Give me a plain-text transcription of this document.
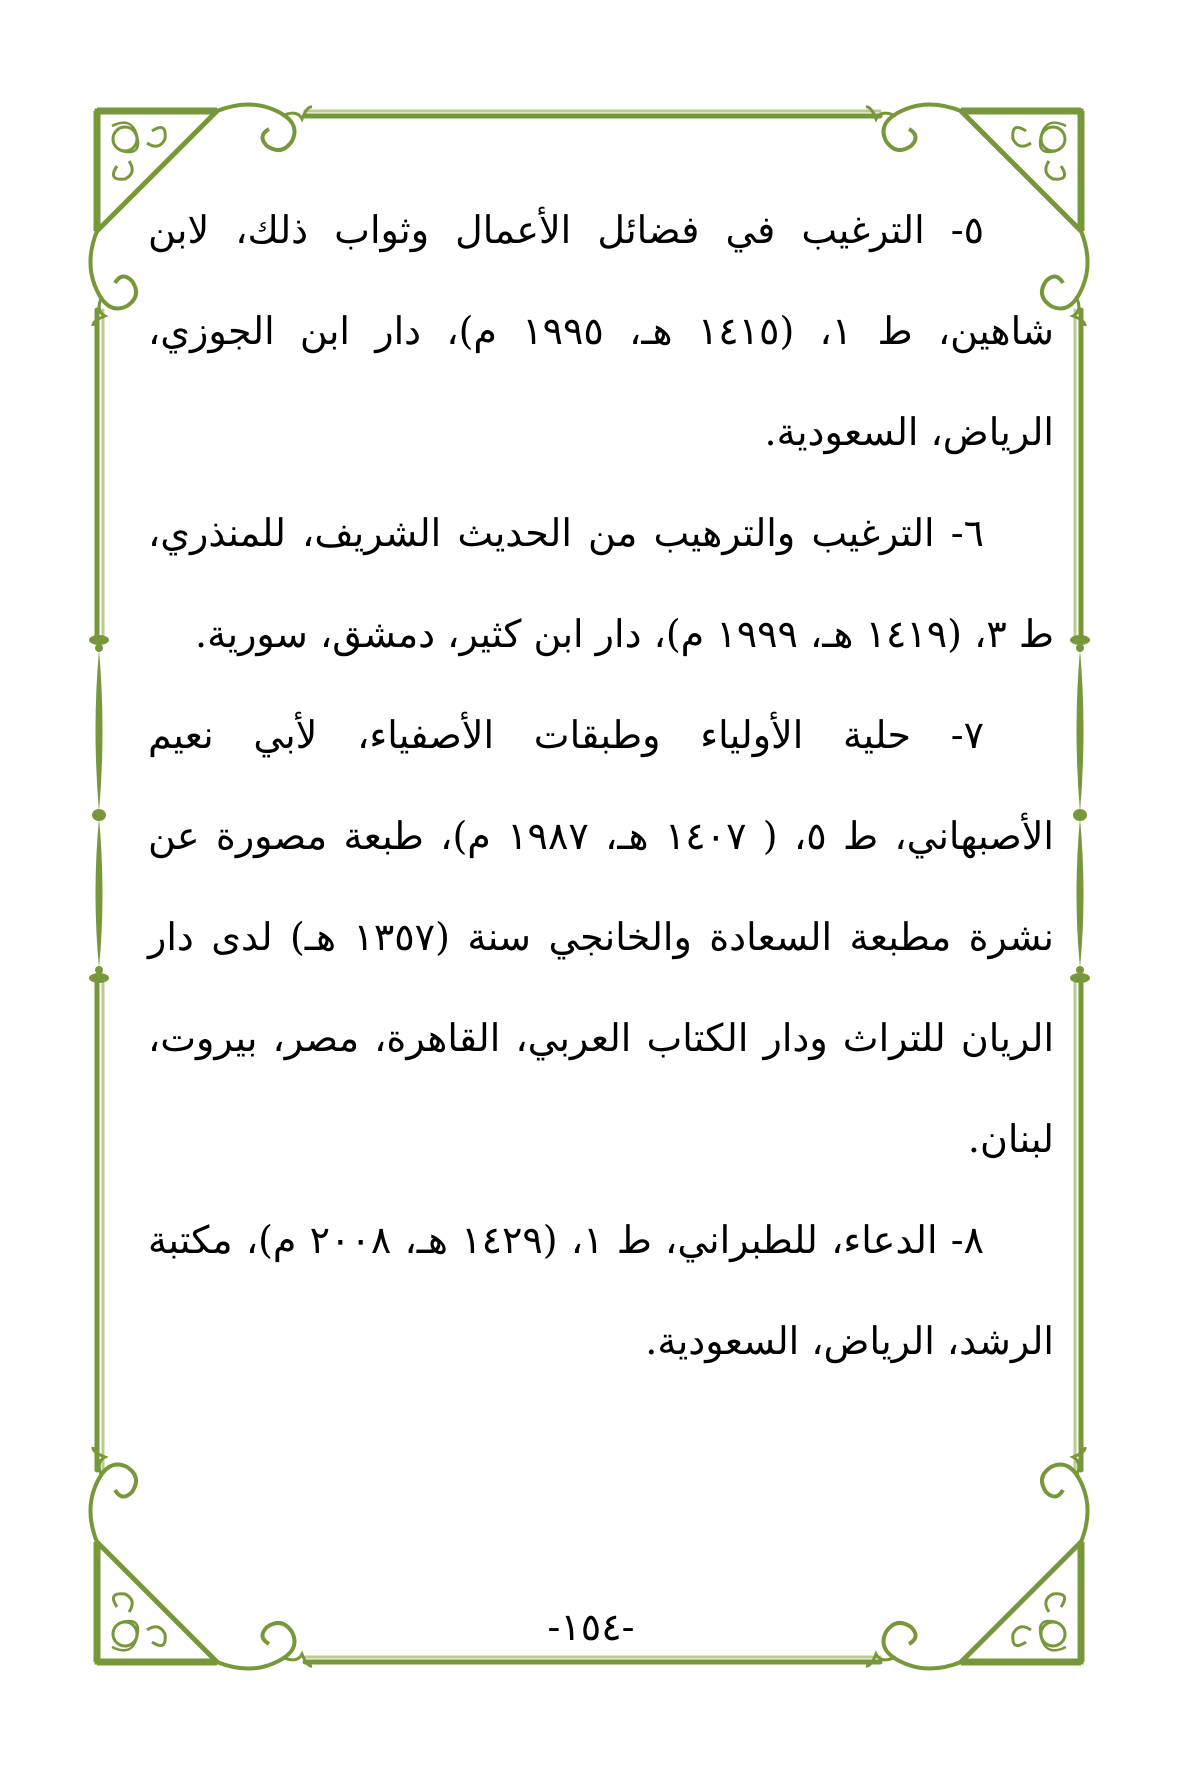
٥- الترغيب في فضائل الأعمال وثواب ذلك، لابن شاهين، ط ١، (١٤١٥ هـ، ١٩٩٥ م)، دار ابن الجوزي، الرياض، السعودية.

٦- الترغيب والترهيب من الحديث الشريف، للمنذري، ط ٣، (١٤١٩ هـ، ١٩٩٩ م)، دار ابن كثير، دمشق، سورية.

٧- حلية الأولياء وطبقات الأصفياء، لأبي نعيم الأصبهاني، ط ٥، ( ١٤٠٧ هـ، ١٩٨٧ م)، طبعة مصورة عن نشرة مطبعة السعادة والخانجي سنة (١٣٥٧ هـ) لدى دار الريان للتراث ودار الكتاب العربي، القاهرة، مصر، بيروت، لبنان.

٨- الدعاء، للطبراني، ط ١، (١٤٢٩ هـ، ٢٠٠٨ م)، مكتبة الرشد، الرياض، السعودية.

-١٥٤-
